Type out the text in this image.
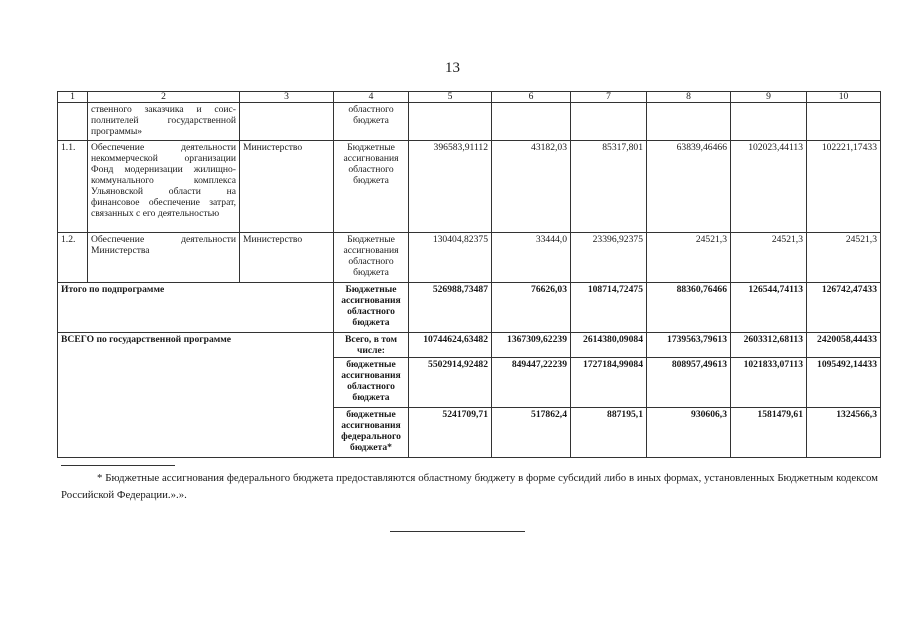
13
1	2	3	4	5	6	7	8	9	10
	ственного заказчика и соис-полнителей государственной программы»		областного бюджета						
1.1.	Обеспечение деятельности некоммерческой организации Фонд модернизации жилищно-коммунального комплекса Ульяновской области на финансовое обеспечение затрат, связанных с его деятельностью	Министерство	Бюджетные ассигнования областного бюджета	396583,91112	43182,03	85317,801	63839,46466	102023,44113	102221,17433
1.2.	Обеспечение деятельности Министерства	Министерство	Бюджетные ассигнования областного бюджета	130404,82375	33444,0	23396,92375	24521,3	24521,3	24521,3
Итого по подпрограмме			Бюджетные ассигнования областного бюджета	526988,73487	76626,03	108714,72475	88360,76466	126544,74113	126742,47433
ВСЕГО по государственной программе			Всего, в том числе:	10744624,63482	1367309,62239	2614380,09084	1739563,79613	2603312,68113	2420058,44433
			бюджетные ассигнования областного бюджета	5502914,92482	849447,22239	1727184,99084	808957,49613	1021833,07113	1095492,14433
			бюджетные ассигнования федерального бюджета*	5241709,71	517862,4	887195,1	930606,3	1581479,61	1324566,3
* Бюджетные ассигнования федерального бюджета предоставляются областному бюджету в форме субсидий либо в иных формах, установленных Бюджетным кодексом Российской Федерации.».».
